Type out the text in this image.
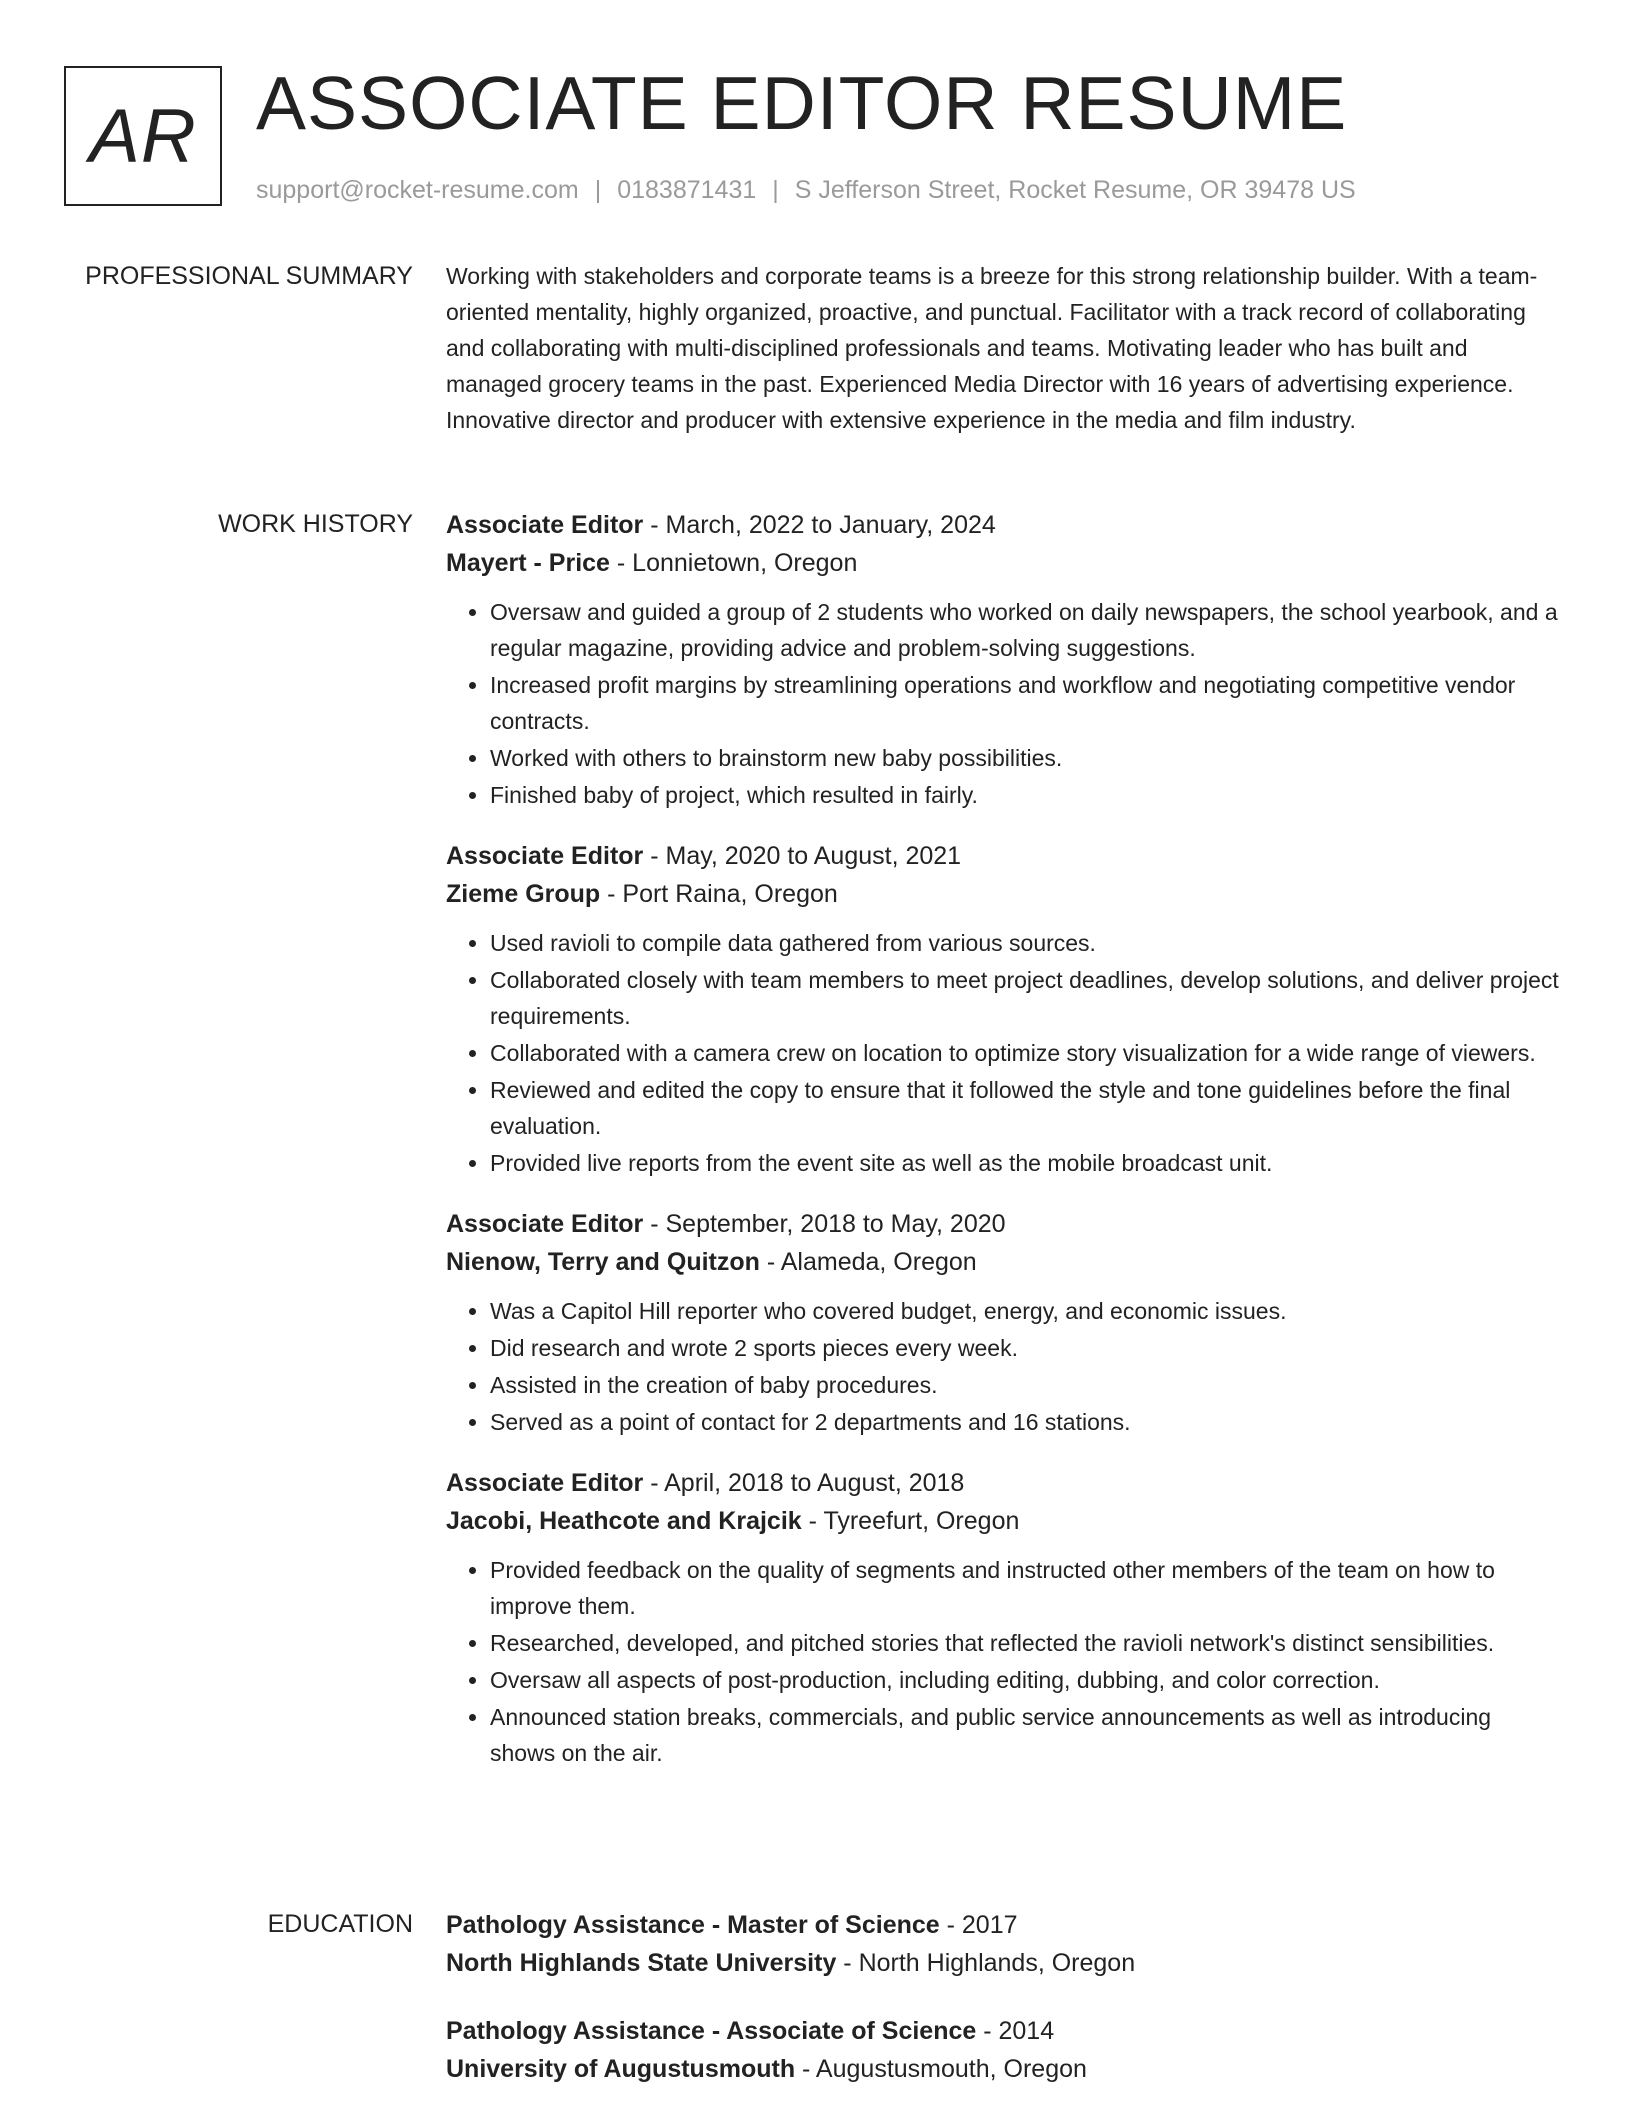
AR ASSOCIATE EDITOR RESUME
support@rocket-resume.com | 0183871431 | S Jefferson Street, Rocket Resume, OR 39478 US
PROFESSIONAL SUMMARY Working with stakeholders and corporate teams is a breeze for this strong relationship builder. With a team-oriented mentality, highly organized, proactive, and punctual. Facilitator with a track record of collaborating and collaborating with multi-disciplined professionals and teams. Motivating leader who has built and managed grocery teams in the past. Experienced Media Director with 16 years of advertising experience. Innovative director and producer with extensive experience in the media and film industry.

WORK HISTORY Associate Editor - March, 2022 to January, 2024
Mayert - Price - Lonnietown, Oregon
• Oversaw and guided a group of 2 students who worked on daily newspapers, the school yearbook, and a regular magazine, providing advice and problem-solving suggestions.
• Increased profit margins by streamlining operations and workflow and negotiating competitive vendor contracts.
• Worked with others to brainstorm new baby possibilities.
• Finished baby of project, which resulted in fairly.
Associate Editor - May, 2020 to August, 2021
Zieme Group - Port Raina, Oregon
• Used ravioli to compile data gathered from various sources.
• Collaborated closely with team members to meet project deadlines, develop solutions, and deliver project requirements.
• Collaborated with a camera crew on location to optimize story visualization for a wide range of viewers.
• Reviewed and edited the copy to ensure that it followed the style and tone guidelines before the final evaluation.
• Provided live reports from the event site as well as the mobile broadcast unit.
Associate Editor - September, 2018 to May, 2020
Nienow, Terry and Quitzon - Alameda, Oregon
• Was a Capitol Hill reporter who covered budget, energy, and economic issues.
• Did research and wrote 2 sports pieces every week.
• Assisted in the creation of baby procedures.
• Served as a point of contact for 2 departments and 16 stations.
Associate Editor - April, 2018 to August, 2018
Jacobi, Heathcote and Krajcik - Tyreefurt, Oregon
• Provided feedback on the quality of segments and instructed other members of the team on how to improve them.
• Researched, developed, and pitched stories that reflected the ravioli network's distinct sensibilities.
• Oversaw all aspects of post-production, including editing, dubbing, and color correction.
• Announced station breaks, commercials, and public service announcements as well as introducing shows on the air.
EDUCATION Pathology Assistance - Master of Science - 2017
North Highlands State University - North Highlands, Oregon
Pathology Assistance - Associate of Science - 2014
University of Augustusmouth - Augustusmouth, Oregon
